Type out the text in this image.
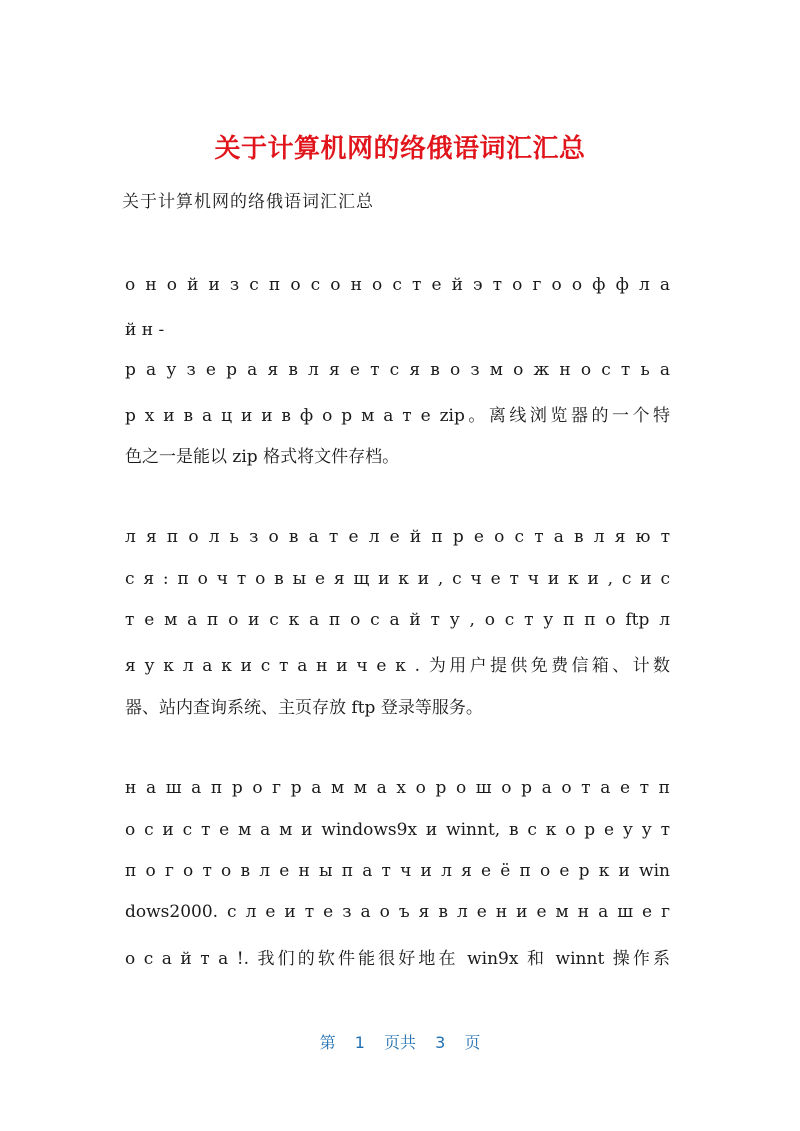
关于计算机网的络俄语词汇汇总
关于计算机网的络俄语词汇汇总
о н о й и з с п о с о н о с т е й э т о г о о ф ф л а
й н -
р а у з е р а я в л я е т с я в о з м о ж н о с т ь а
р х и в а ц и и в ф о р м а т е zip。离线浏览器的一个特
色之一是能以 zip 格式将文件存档。
л я п о л ь з о в а т е л е й п р е о с т а в л я ю т
с я : п о ч т о в ы е я щ и к и , с ч е т ч и к и , с и с
т е м а п о и с к а п о с а й т у , о с т у п п о ftp л
я у к л а к и с т а н и ч е к . 为用户提供免费信箱、计数
器、站内查询系统、主页存放 ftp 登录等服务。
н а ш а п р о г р а м м а х о р о ш о р а о т а е т п
о с и с т е м а м и windows9x и winnt, в с к о р е у у т
п о г о т о в л е н ы п а т ч и л я е ё п о е р к и win
dows2000. с л е и т е з а о ъ я в л е н и е м н а ш е г
о с а й т а !. 我们的软件能很好地在 win9x 和 winnt 操作系
第 1 页共 3 页
